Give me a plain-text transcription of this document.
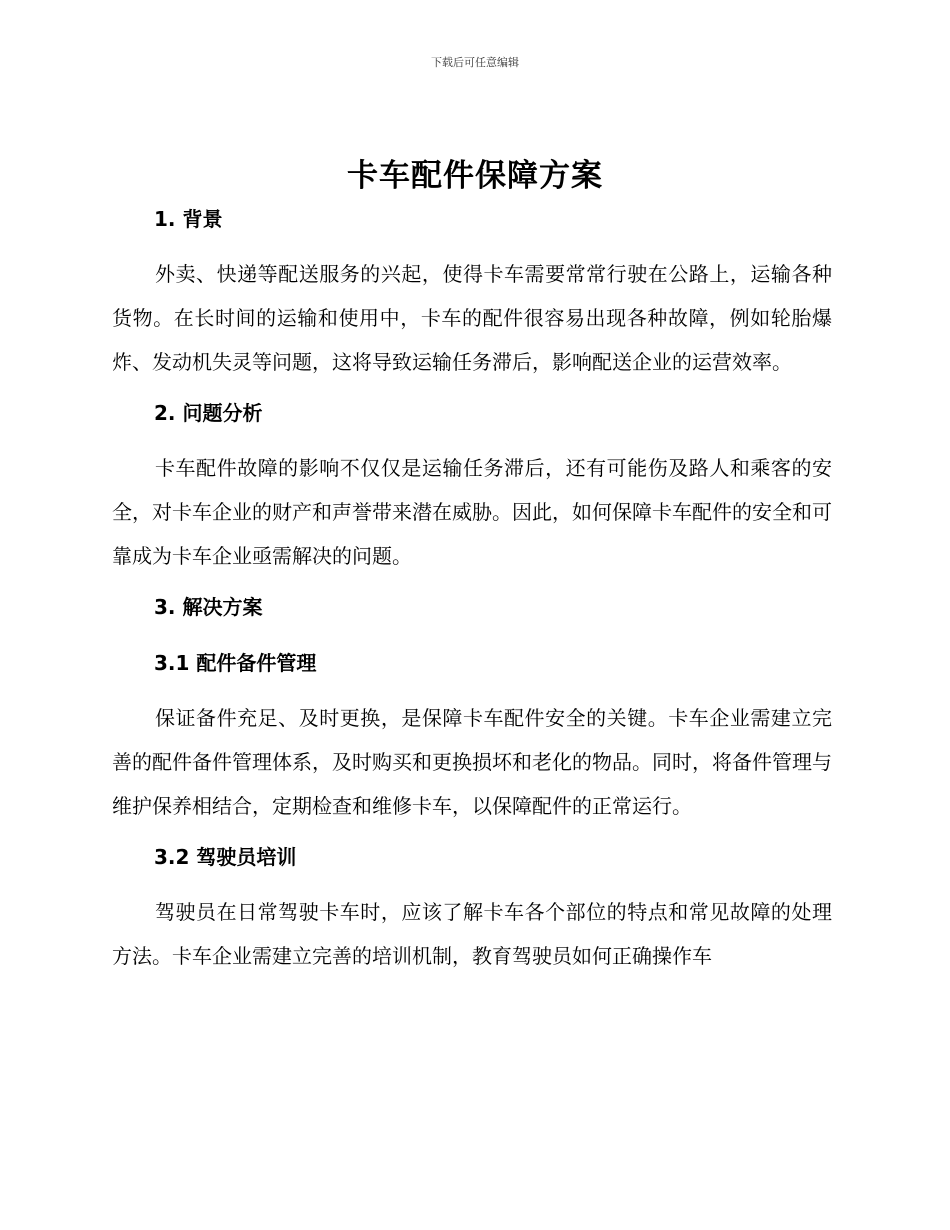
下载后可任意编辑
卡车配件保障方案
1. 背景
外卖、快递等配送服务的兴起，使得卡车需要常常行驶在公路上，运输各种货物。在长时间的运输和使用中，卡车的配件很容易出现各种故障，例如轮胎爆炸、发动机失灵等问题，这将导致运输任务滞后，影响配送企业的运营效率。
2. 问题分析
卡车配件故障的影响不仅仅是运输任务滞后，还有可能伤及路人和乘客的安全，对卡车企业的财产和声誉带来潜在威胁。因此，如何保障卡车配件的安全和可靠成为卡车企业亟需解决的问题。
3. 解决方案
3.1 配件备件管理
保证备件充足、及时更换，是保障卡车配件安全的关键。卡车企业需建立完善的配件备件管理体系，及时购买和更换损坏和老化的物品。同时，将备件管理与维护保养相结合，定期检查和维修卡车，以保障配件的正常运行。
3.2 驾驶员培训
驾驶员在日常驾驶卡车时，应该了解卡车各个部位的特点和常见故障的处理方法。卡车企业需建立完善的培训机制，教育驾驶员如何正确操作车
